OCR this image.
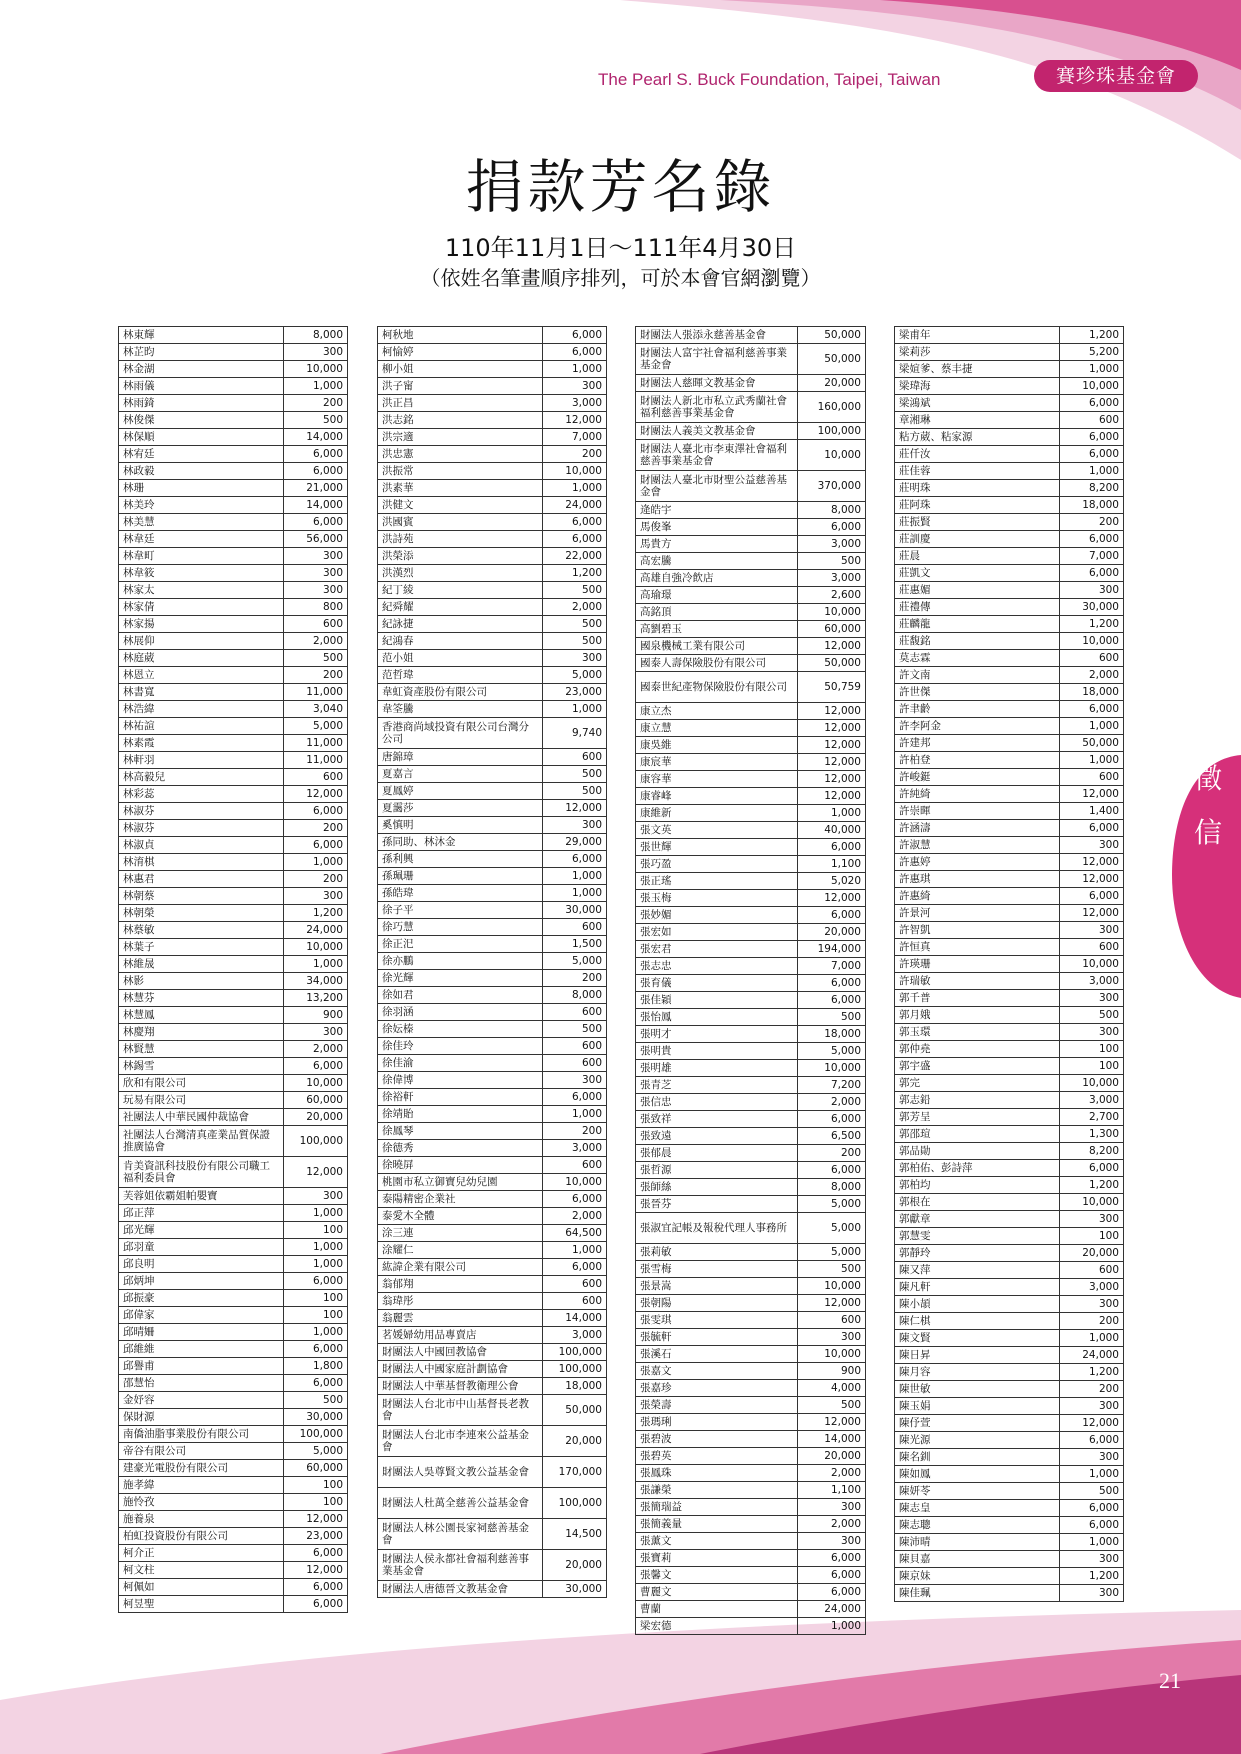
The Pearl S. Buck Foundation, Taipei, Taiwan	賽珍珠基金會
捐款芳名錄
110年11月1日～111年4月30日
（依姓名筆畫順序排列，可於本會官網瀏覽）
徵
信
林東輝	8,000
林芷昀	300
林金湖	10,000
林雨儀	1,000
林雨錡	200
林俊傑	500
林保順	14,000
林宥廷	6,000
林政毅	6,000
林珊	21,000
林美玲	14,000
林美慧	6,000
林韋廷	56,000
林韋町	300
林韋筱	300
林家太	300
林家倩	800
林家揚	600
林展仰	2,000
林庭葳	500
林恩立	200
林書寬	11,000
林浩緯	3,040
林祐諠	5,000
林素霞	11,000
林軒羽	11,000
林高毅兒	600
林彩蕊	12,000
林淑芬	6,000
林淑芬	200
林淑貞	6,000
林淯棋	1,000
林惠君	200
林朝蔡	300
林朝榮	1,200
林蔡敏	24,000
林葉子	10,000
林維晟	1,000
林影	34,000
林慧芬	13,200
林慧鳳	900
林慶翔	300
林賢慧	2,000
林錫雪	6,000
欣和有限公司	10,000
玩易有限公司	60,000
社團法人中華民國仲裁協會	20,000
社團法人台灣清真產業品質保證推廣協會	100,000
肯美資訊科技股份有限公司職工福利委員會	12,000
芙蓉姐依霸姐帕嬰寶	300
邱正萍	1,000
邱光輝	100
邱羽童	1,000
邱良明	1,000
邱炳坤	6,000
邱振豪	100
邱偉家	100
邱晴姍	1,000
邱維維	6,000
邱譽甫	1,800
邵慧怡	6,000
金妤容	500
保財源	30,000
南僑油脂事業股份有限公司	100,000
帝谷有限公司	5,000
建豪光電股份有限公司	60,000
施孝緯	100
施怜孜	100
施養泉	12,000
柏虹投資股份有限公司	23,000
柯介正	6,000
柯文柱	12,000
柯佩如	6,000
柯昱聖	6,000
柯秋地	6,000
柯愉婷	6,000
柳小姐	1,000
洪子甯	300
洪正昌	3,000
洪志銘	12,000
洪宗適	7,000
洪忠憲	200
洪振常	10,000
洪素華	1,000
洪健文	24,000
洪國賓	6,000
洪詩苑	6,000
洪榮添	22,000
洪漢烈	1,200
紀丁綾	500
紀舜耀	2,000
紀詠捷	500
紀鴻春	500
范小姐	300
范哲瑋	5,000
韋虹資產股份有限公司	23,000
韋筌騰	1,000
香港商尚域投資有限公司台灣分公司	9,740
唐錦璋	600
夏嘉言	500
夏鳳婷	500
夏靄莎	12,000
奚慎明	300
孫同助、林沐金	29,000
孫利興	6,000
孫珮珊	1,000
孫皓瑋	1,000
徐子平	30,000
徐巧慧	600
徐正汜	1,500
徐亦鵬	5,000
徐光輝	200
徐如君	8,000
徐羽涵	600
徐妘榛	500
徐佳玲	600
徐佳渝	600
徐偉博	300
徐裕軒	6,000
徐靖貽	1,000
徐鳳琴	200
徐德秀	3,000
徐曉屏	600
桃園市私立御寶兒幼兒園	10,000
泰陽精密企業社	6,000
泰愛木全體	2,000
涂三連	64,500
涂耀仁	1,000
紘諱企業有限公司	6,000
翁郁翔	600
翁瑋彤	600
翁麗雲	14,000
茗媛婦幼用品專賣店	3,000
財團法人中國回教協會	100,000
財團法人中國家庭計劃協會	100,000
財團法人中華基督教衛理公會	18,000
財團法人台北市中山基督長老教會	50,000
財團法人台北市李連來公益基金會	20,000
財團法人吳尊賢文教公益基金會	170,000
財團法人杜萬全慈善公益基金會	100,000
財團法人林公園長家祠慈善基金會	14,500
財團法人侯永都社會福利慈善事業基金會	20,000
財團法人唐德晉文教基金會	30,000
財團法人張添永慈善基金會	50,000
財團法人富宇社會福利慈善事業基金會	50,000
財團法人慈暉文教基金會	20,000
財團法人新北市私立武秀蘭社會福利慈善事業基金會	160,000
財團法人義美文教基金會	100,000
財團法人臺北市李東澤社會福利慈善事業基金會	10,000
財團法人臺北市財聖公益慈善基金會	370,000
逄皓宇	8,000
馬俊峯	6,000
馬貴方	3,000
高宏騰	500
高雄自強冷飲店	3,000
高瑜璟	2,600
高銘頂	10,000
高劉碧玉	60,000
國泉機械工業有限公司	12,000
國泰人壽保險股份有限公司	50,000
國泰世紀產物保險股份有限公司	50,759
康立杰	12,000
康立慧	12,000
康吳維	12,000
康宸華	12,000
康容華	12,000
康睿峰	12,000
康維新	1,000
張文英	40,000
張世輝	6,000
張巧盈	1,100
張正瑤	5,020
張玉梅	12,000
張妙媚	6,000
張宏如	20,000
張宏君	194,000
張志忠	7,000
張育儀	6,000
張佳穎	6,000
張怡鳳	500
張明才	18,000
張明貴	5,000
張明雄	10,000
張青芝	7,200
張信忠	2,000
張致祥	6,000
張致遠	6,500
張郁晨	200
張哲源	6,000
張師絲	8,000
張晉芬	5,000
張淑宜記帳及報稅代理人事務所	5,000
張莉敏	5,000
張雪梅	500
張景嵩	10,000
張朝陽	12,000
張雯琪	600
張毓軒	300
張溪石	10,000
張嘉文	900
張嘉珍	4,000
張榮壽	500
張瑪琍	12,000
張碧波	14,000
張碧英	20,000
張鳳珠	2,000
張謙榮	1,100
張簡瑞益	300
張簡義量	2,000
張薰文	300
張寶莉	6,000
張馨文	6,000
曹麗文	6,000
曹蘭	24,000
梁宏德	1,000
梁甫年	1,200
梁莉莎	5,200
梁媗爹、蔡丰捷	1,000
梁瑋海	10,000
梁鴻斌	6,000
章湘琳	600
粘方葳、粘家源	6,000
莊仟汝	6,000
莊佳蓉	1,000
莊明珠	8,200
莊阿珠	18,000
莊振賢	200
莊訓慶	6,000
莊晨	7,000
莊凱文	6,000
莊惠媚	300
莊禮傳	30,000
莊麟龍	1,200
莊馥銘	10,000
莫志霖	600
許文南	2,000
許世傑	18,000
許聿齡	6,000
許李阿金	1,000
許建邦	50,000
許柏登	1,000
許峻鋌	600
許純綺	12,000
許崇暉	1,400
許涵濤	6,000
許淑慧	300
許惠婷	12,000
許惠琪	12,000
許惠綺	6,000
許景河	12,000
許智凱	300
許恒真	600
許瑛珊	10,000
許瑞敏	3,000
郭千普	300
郭月娥	500
郭玉環	300
郭仲堯	100
郭宇盛	100
郭完	10,000
郭志鉛	3,000
郭芳呈	2,700
郭邵瑄	1,300
郭品勛	8,200
郭柏佑、彭詩萍	6,000
郭柏均	1,200
郭根在	10,000
郭獻章	300
郭慧雯	100
郭靜玲	20,000
陳又萍	600
陳凡軒	3,000
陳小頡	300
陳仁棋	200
陳文賢	1,000
陳日昇	24,000
陳月容	1,200
陳世敏	200
陳玉娟	300
陳伃萱	12,000
陳光源	6,000
陳名釧	300
陳如鳳	1,000
陳妍苓	500
陳志皇	6,000
陳志聰	6,000
陳沛晴	1,000
陳貝嘉	300
陳京妹	1,200
陳佳珮	300
21
